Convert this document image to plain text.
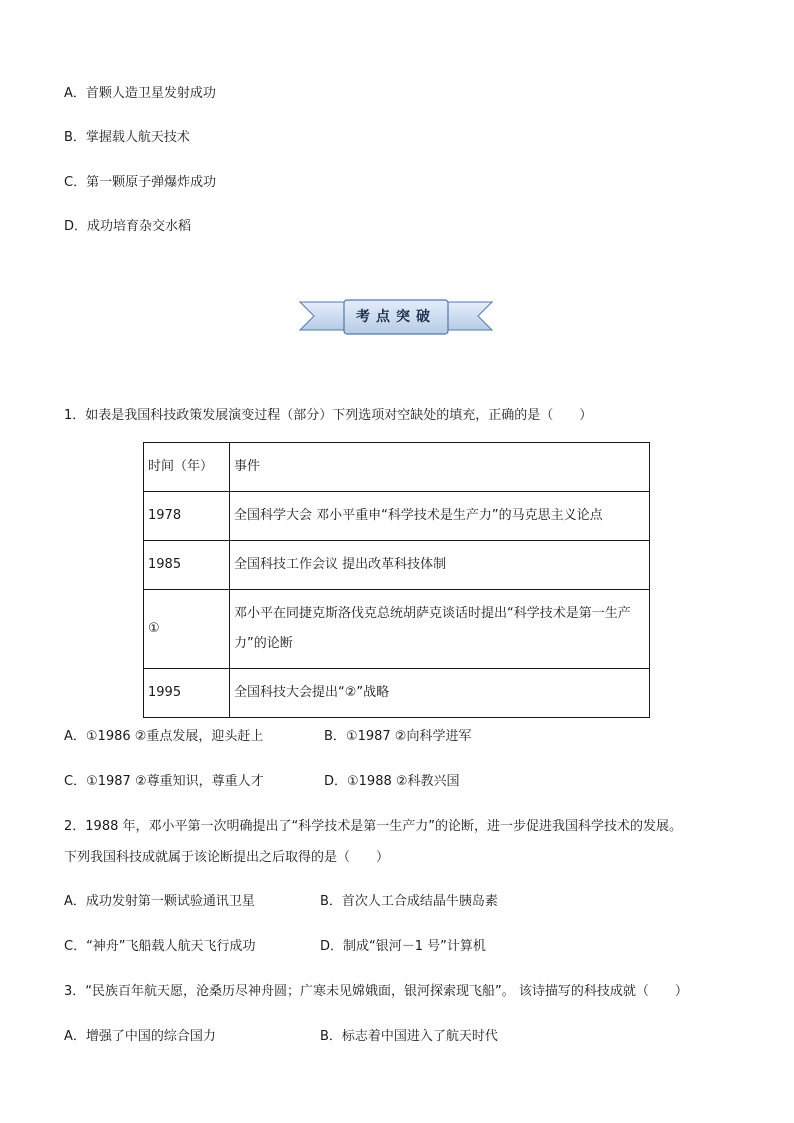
A．首颗人造卫星发射成功
B．掌握载人航天技术
C．第一颗原子弹爆炸成功
D．成功培育杂交水稻
考点突破
1．如表是我国科技政策发展演变过程（部分）下列选项对空缺处的填充，正确的是（　　）
时间（年）	事件
1978	全国科学大会 邓小平重申“科学技术是生产力”的马克思主义论点
1985	全国科技工作会议 提出改革科技体制
①	邓小平在同捷克斯洛伐克总统胡萨克谈话时提出“科学技术是第一生产力”的论断
1995	全国科技大会提出“②”战略
A．①1986 ②重点发展，迎头赶上	B．①1987 ②向科学进军
C．①1987 ②尊重知识，尊重人才	D．①1988 ②科教兴国
2．1988 年，邓小平第一次明确提出了“科学技术是第一生产力”的论断，进一步促进我国科学技术的发展。
下列我国科技成就属于该论断提出之后取得的是（　　）
A．成功发射第一颗试验通讯卫星	B．首次人工合成结晶牛胰岛素
C．“神舟”飞船载人航天飞行成功	D．制成“银河－1 号”计算机
3．“民族百年航天愿，沧桑历尽神舟圆；广寒未见嫦娥面，银河探索现飞船”。 该诗描写的科技成就（　　）
A．增强了中国的综合国力	B．标志着中国进入了航天时代
